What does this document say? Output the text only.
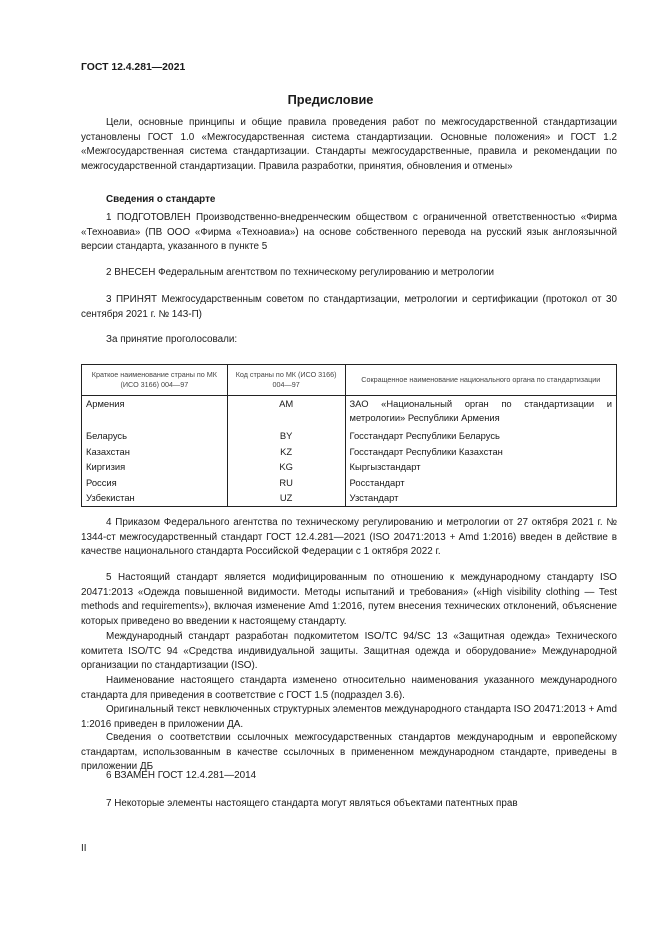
ГОСТ 12.4.281—2021
Предисловие

Цели, основные принципы и общие правила проведения работ по межгосударственной стандартизации установлены ГОСТ 1.0 «Межгосударственная система стандартизации. Основные положения» и ГОСТ 1.2 «Межгосударственная система стандартизации. Стандарты межгосударственные, правила и рекомендации по межгосударственной стандартизации. Правила разработки, принятия, обновления и отмены»

Сведения о стандарте

1 ПОДГОТОВЛЕН Производственно-внедренческим обществом с ограниченной ответственностью «Фирма «Техноавиа» (ПВ ООО «Фирма «Техноавиа») на основе собственного перевода на русский язык англоязычной версии стандарта, указанного в пункте 5

2 ВНЕСЕН Федеральным агентством по техническому регулированию и метрологии

3 ПРИНЯТ Межгосударственным советом по стандартизации, метрологии и сертификации (протокол от 30 сентября 2021 г. № 143-П)

За принятие проголосовали:

Краткое наименование страны по МК (ИСО 3166) 004—97	Код страны по МК (ИСО 3166) 004—97	Сокращенное наименование национального органа по стандартизации
Армения	AM	ЗАО «Национальный орган по стандартизации и метрологии» Республики Армения
Беларусь	BY	Госстандарт Республики Беларусь
Казахстан	KZ	Госстандарт Республики Казахстан
Киргизия	KG	Кыргызстандарт
Россия	RU	Росстандарт
Узбекистан	UZ	Узстандарт

4 Приказом Федерального агентства по техническому регулированию и метрологии от 27 октября 2021 г. № 1344-ст межгосударственный стандарт ГОСТ 12.4.281—2021 (ISO 20471:2013 + Amd 1:2016) введен в действие в качестве национального стандарта Российской Федерации с 1 октября 2022 г.

5 Настоящий стандарт является модифицированным по отношению к международному стандарту ISO 20471:2013 «Одежда повышенной видимости. Методы испытаний и требования» («High visibility clothing — Test methods and requirements»), включая изменение Amd 1:2016, путем внесения технических отклонений, объяснение которых приведено во введении к настоящему стандарту.

Международный стандарт разработан подкомитетом ISO/TC 94/SC 13 «Защитная одежда» Технического комитета ISO/TC 94 «Средства индивидуальной защиты. Защитная одежда и оборудование» Международной организации по стандартизации (ISO).

Наименование настоящего стандарта изменено относительно наименования указанного международного стандарта для приведения в соответствие с ГОСТ 1.5 (подраздел 3.6).

Оригинальный текст невключенных структурных элементов международного стандарта ISO 20471:2013 + Amd 1:2016 приведен в приложении ДА.

Сведения о соответствии ссылочных межгосударственных стандартов международным и европейскому стандартам, использованным в качестве ссылочных в примененном международном стандарте, приведены в приложении ДБ

6 ВЗАМЕН ГОСТ 12.4.281—2014

7 Некоторые элементы настоящего стандарта могут являться объектами патентных прав

II
